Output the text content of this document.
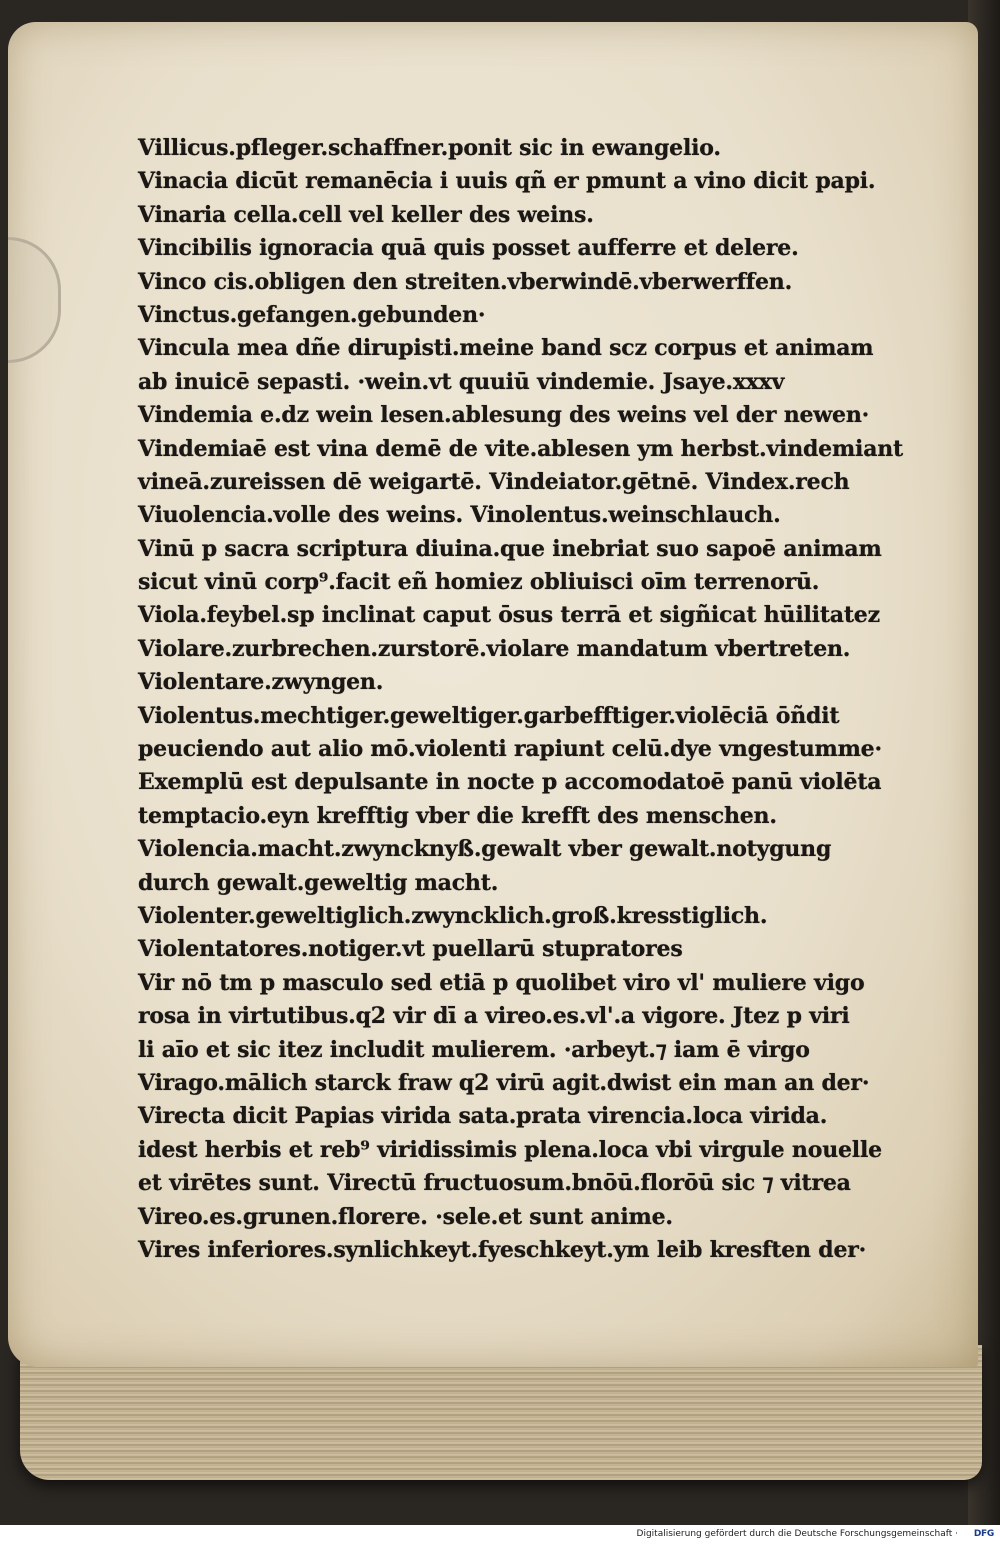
Villicus.pfleger.schaffner.ponit sic in ewangelio.
Vinacia dicūt remanēcia i uuis qñ er pmunt a vino dicit papi.
Vinaria cella.cell vel keller des weins.
Vincibilis ignoracia quā quis posset aufferre et delere.
Vinco cis.obligen den streiten.vberwindē.vberwerffen.
Vinctus.gefangen.gebunden·
Vincula mea dñe dirupisti.meine band scz corpus et animam
ab inuicē sepasti. ·wein.vt quuiū vindemie. Jsaye.xxxv
Vindemia e.dz wein lesen.ablesung des weins vel der newen·
Vindemiaē est vina demē de vite.ablesen ym herbst.vindemiant
vineā.zureissen dē weigartē. Vindeiator.gētnē. Vindex.rech
Viuolencia.volle des weins. Vinolentus.weinschlauch.
Vinū p sacra scriptura diuina.que inebriat suo sapoē animam
sicut vinū corp⁹.facit eñ homiez obliuisci oīm terrenorū.
Viola.feybel.sp inclinat caput ōsus terrā et sigñicat hūilitatez
Violare.zurbrechen.zurstorē.violare mandatum vbertreten.
Violentare.zwyngen.
Violentus.mechtiger.geweltiger.garbefftiger.violēciā ōñdit
peuciendo aut alio mō.violenti rapiunt celū.dye vngestumme·
Exemplū est depulsante in nocte p accomodatoē panū violēta
temptacio.eyn krefftig vber die krefft des menschen.
Violencia.macht.zwyncknyß.gewalt vber gewalt.notygung
durch gewalt.geweltig macht.
Violenter.geweltiglich.zwyncklich.groß.kresstiglich.
Violentatores.notiger.vt puellarū stupratores
Vir nō tm p masculo sed etiā p quolibet viro vl' muliere vigo
rosa in virtutibus.q2 vir dī a vireo.es.vl'.a vigore. Jtez p viri
li aīo et sic itez includit mulierem. ·arbeyt.⁊ iam ē virgo
Virago.mālich starck fraw q2 virū agit.dwist ein man an der·
Virecta dicit Papias virida sata.prata virencia.loca virida.
idest herbis et reb⁹ viridissimis plena.loca vbi virgule nouelle
et virētes sunt. Virectū fructuosum.bnōū.florōū sic ⁊ vitrea
Vireo.es.grunen.florere. ·sele.et sunt anime.
Vires inferiores.synlichkeyt.fyeschkeyt.ym leib kresften der·
Digitalisierung gefördert durch die Deutsche Forschungsgemeinschaft · DFG
